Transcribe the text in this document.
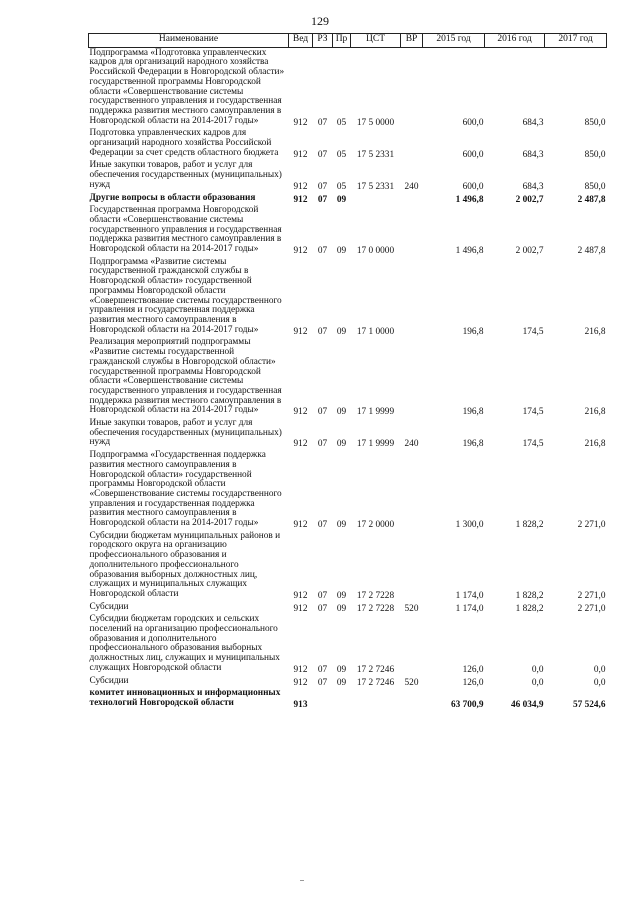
129
Наименование	Вед	РЗ	Пр	ЦСТ	ВР	2015 год	2016 год	2017 год
Подпрограмма «Подготовка управленческих кадров для организаций народного хозяйства Российской Федерации в Новгородской области» государственной программы Новгородской области «Совершенствование системы государственного управления и государственная поддержка развития местного самоуправления в Новгородской области на 2014-2017 годы»	912	07	05	17 5 0000		600,0	684,3	850,0
Подготовка управленческих кадров для организаций народного хозяйства Российской Федерации за счет средств областного бюджета	912	07	05	17 5 2331		600,0	684,3	850,0
Иные закупки товаров, работ и услуг для обеспечения государственных (муниципальных) нужд	912	07	05	17 5 2331	240	600,0	684,3	850,0
Другие вопросы в области образования	912	07	09			1 496,8	2 002,7	2 487,8
Государственная программа Новгородской области «Совершенствование системы государственного управления и государственная поддержка развития местного самоуправления в Новгородской области на 2014-2017 годы»	912	07	09	17 0 0000		1 496,8	2 002,7	2 487,8
Подпрограмма «Развитие системы государственной гражданской службы в Новгородской области» государственной программы Новгородской области «Совершенствование системы государственного управления и государственная поддержка развития местного самоуправления в Новгородской области на 2014-2017 годы»	912	07	09	17 1 0000		196,8	174,5	216,8
Реализация мероприятий подпрограммы «Развитие системы государственной гражданской службы в Новгородской области» государственной программы Новгородской области «Совершенствование системы государственного управления и государственная поддержка развития местного самоуправления в Новгородской области на 2014-2017 годы»	912	07	09	17 1 9999		196,8	174,5	216,8
Иные закупки товаров, работ и услуг для обеспечения государственных (муниципальных) нужд	912	07	09	17 1 9999	240	196,8	174,5	216,8
Подпрограмма «Государственная поддержка развития местного самоуправления в Новгородской области» государственной программы Новгородской области «Совершенствование системы государственного управления и государственная поддержка развития местного самоуправления в Новгородской области на 2014-2017 годы»	912	07	09	17 2 0000		1 300,0	1 828,2	2 271,0
Субсидии бюджетам муниципальных районов и городского округа на организацию профессионального образования и дополнительного профессионального образования выборных должностных лиц, служащих и муниципальных служащих Новгородской области	912	07	09	17 2 7228		1 174,0	1 828,2	2 271,0
Субсидии	912	07	09	17 2 7228	520	1 174,0	1 828,2	2 271,0
Субсидии бюджетам городских и сельских поселений на организацию профессионального образования и дополнительного профессионального образования выборных должностных лиц, служащих и муниципальных служащих Новгородской области	912	07	09	17 2 7246		126,0	0,0	0,0
Субсидии	912	07	09	17 2 7246	520	126,0	0,0	0,0
комитет инновационных и информационных технологий Новгородской области	913					63 700,9	46 034,9	57 524,6
